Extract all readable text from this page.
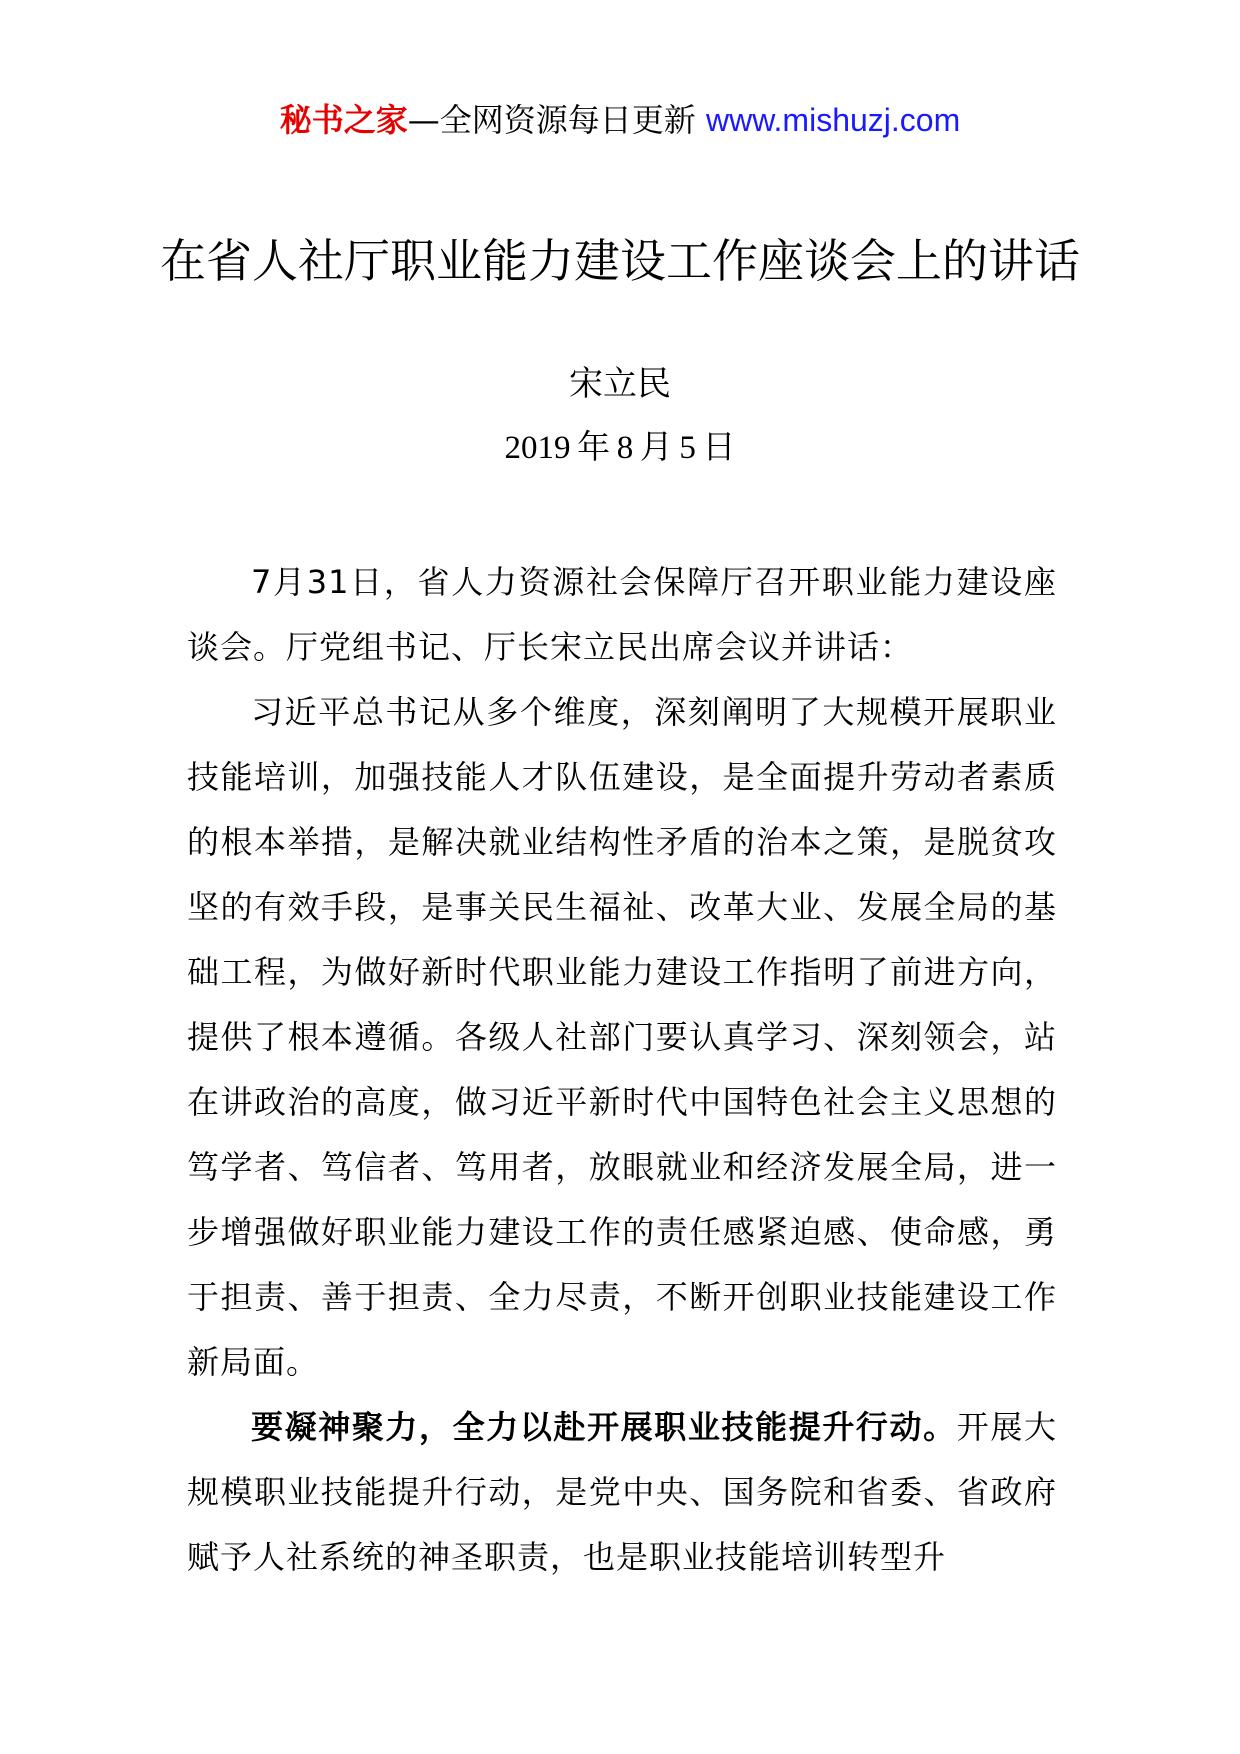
秘书之家—全网资源每日更新 www.mishuzj.com
在省人社厅职业能力建设工作座谈会上的讲话
宋立民
2019  年  8  月  5  日

7月31日，省人力资源社会保障厅召开职业能力建设座谈会。厅党组书记、厅长宋立民出席会议并讲话：

习近平总书记从多个维度，深刻阐明了大规模开展职业技能培训，加强技能人才队伍建设，是全面提升劳动者素质的根本举措，是解决就业结构性矛盾的治本之策，是脱贫攻坚的有效手段，是事关民生福祉、改革大业、发展全局的基础工程，为做好新时代职业能力建设工作指明了前进方向，提供了根本遵循。各级人社部门要认真学习、深刻领会，站在讲政治的高度，做习近平新时代中国特色社会主义思想的笃学者、笃信者、笃用者，放眼就业和经济发展全局，进一步增强做好职业能力建设工作的责任感紧迫感、使命感，勇于担责、善于担责、全力尽责，不断开创职业技能建设工作新局面。

要凝神聚力，全力以赴开展职业技能提升行动。开展大规模职业技能提升行动，是党中央、国务院和省委、省政府赋予人社系统的神圣职责，也是职业技能培训转型升
